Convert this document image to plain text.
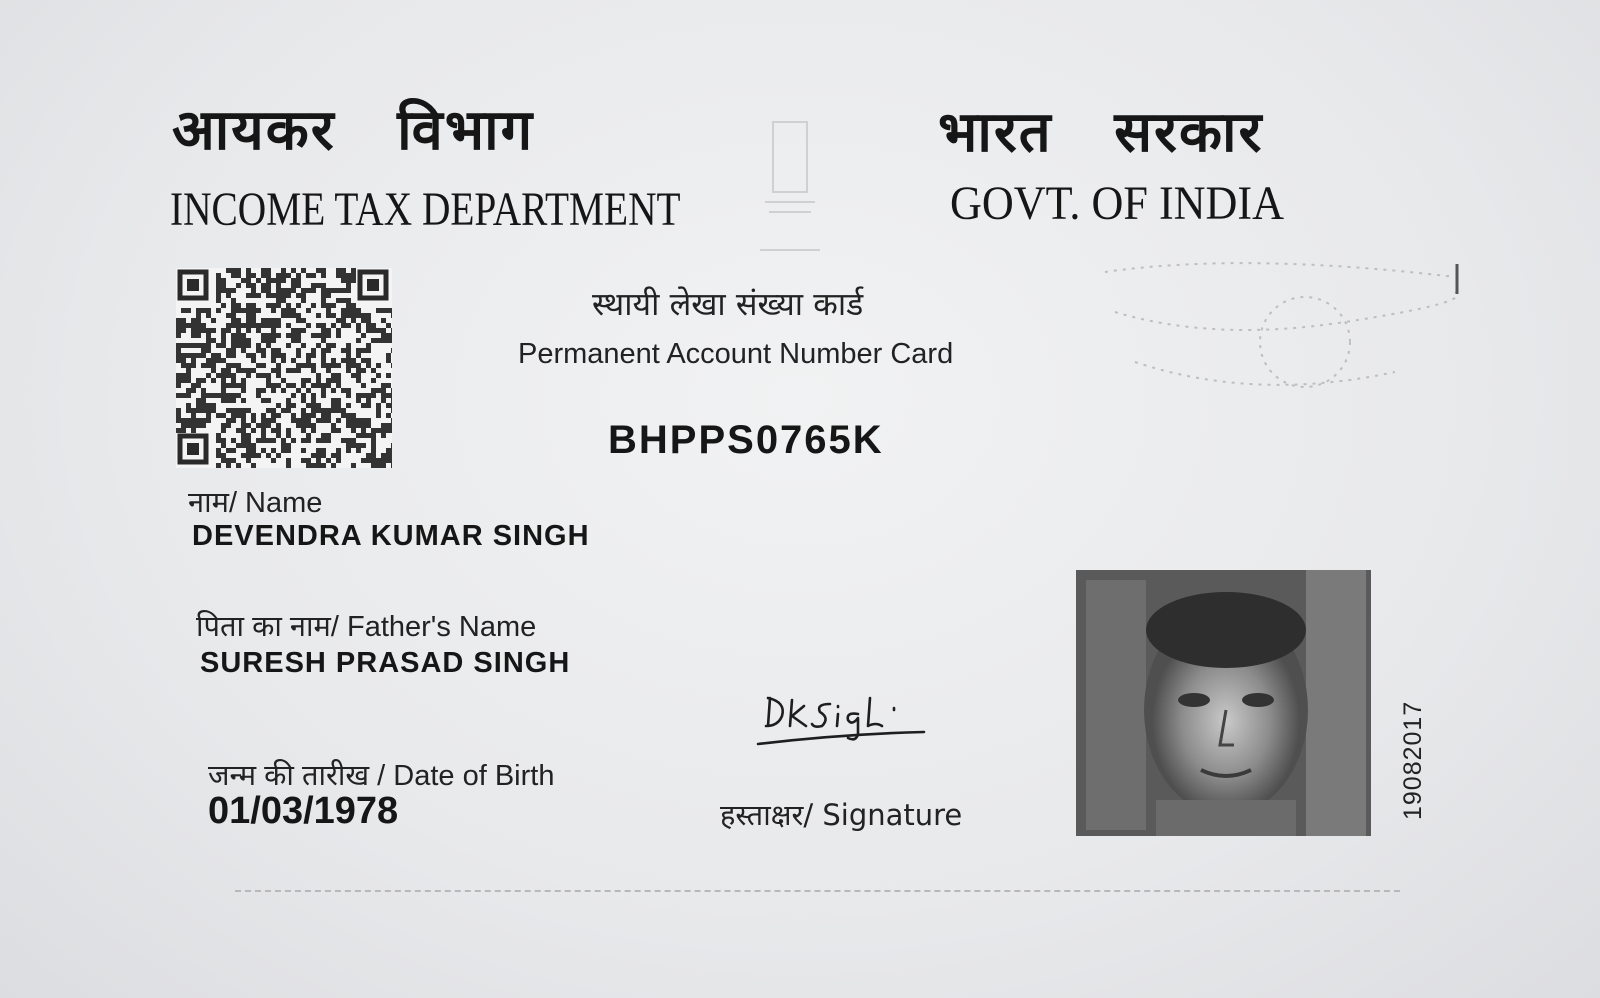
आयकर विभाग
INCOME TAX DEPARTMENT
भारत सरकार
GOVT. OF INDIA
स्थायी लेखा संख्या कार्ड
Permanent Account Number Card
BHPPS0765K
नाम/ Name
DEVENDRA KUMAR SINGH
पिता का नाम/ Father's Name
SURESH PRASAD SINGH
जन्म की तारीख / Date of Birth
01/03/1978	हस्ताक्षर/ Signature	19082017
